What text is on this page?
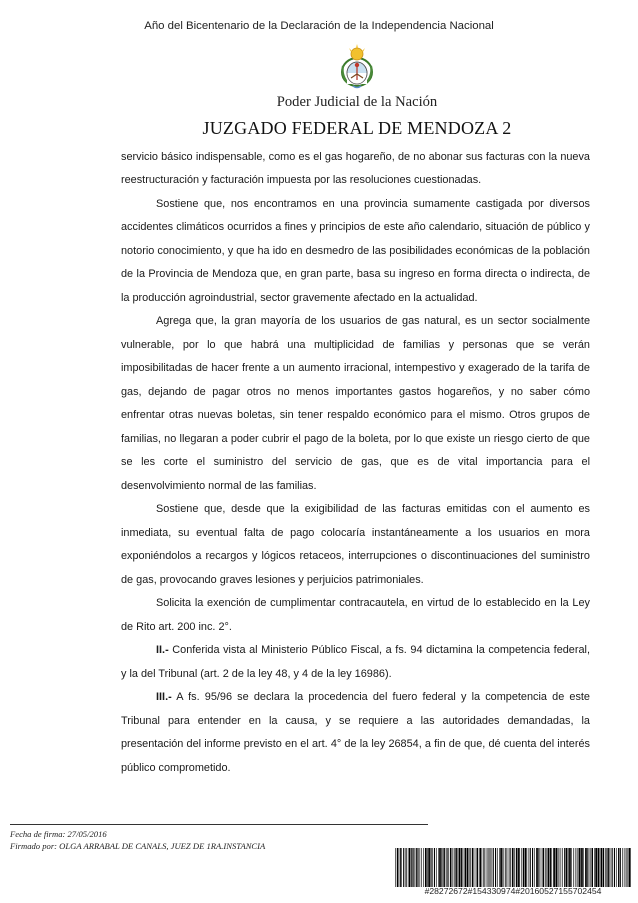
Año del Bicentenario de la Declaración de la Independencia Nacional
Poder Judicial de la Nación
JUZGADO FEDERAL DE MENDOZA 2

servicio básico indispensable, como es el gas hogareño, de no abonar sus facturas con la nueva reestructuración y facturación impuesta por las resoluciones cuestionadas.

Sostiene que, nos encontramos en una provincia sumamente castigada por diversos accidentes climáticos ocurridos a fines y principios de este año calendario, situación de público y notorio conocimiento, y que ha ido en desmedro de las posibilidades económicas de la población de la Provincia de Mendoza que, en gran parte, basa su ingreso en forma directa o indirecta, de la producción agroindustrial, sector gravemente afectado en la actualidad.

Agrega que, la gran mayoría de los usuarios de gas natural, es un sector socialmente vulnerable, por lo que habrá una multiplicidad de familias y personas que se verán imposibilitadas de hacer frente a un aumento irracional, intempestivo y exagerado de la tarifa de gas, dejando de pagar otros no menos importantes gastos hogareños, y no saber cómo enfrentar otras nuevas boletas, sin tener respaldo económico para el mismo. Otros grupos de familias, no llegaran a poder cubrir el pago de la boleta, por lo que existe un riesgo cierto de que se les corte el suministro del servicio de gas, que es de vital importancia para el desenvolvimiento normal de las familias.

Sostiene que, desde que la exigibilidad de las facturas emitidas con el aumento es inmediata, su eventual falta de pago colocaría instantáneamente a los usuarios en mora exponiéndolos a recargos y lógicos retaceos, interrupciones o discontinuaciones del suministro de gas, provocando graves lesiones y perjuicios patrimoniales.

Solicita la exención de cumplimentar contracautela, en virtud de lo establecido en la Ley de Rito art. 200 inc. 2°.

II.- Conferida vista al Ministerio Público Fiscal, a fs. 94 dictamina la competencia federal, y la del Tribunal (art. 2 de la ley 48, y 4 de la ley 16986).

III.- A fs. 95/96 se declara la procedencia del fuero federal y la competencia de este Tribunal para entender en la causa, y se requiere a las autoridades demandadas, la presentación del informe previsto en el art. 4° de la ley 26854, a fin de que, dé cuenta del interés público comprometido.

Fecha de firma: 27/05/2016
Firmado por: OLGA ARRABAL DE CANALS, JUEZ DE 1RA.INSTANCIA
#28272672#154330974#20160527155702454
